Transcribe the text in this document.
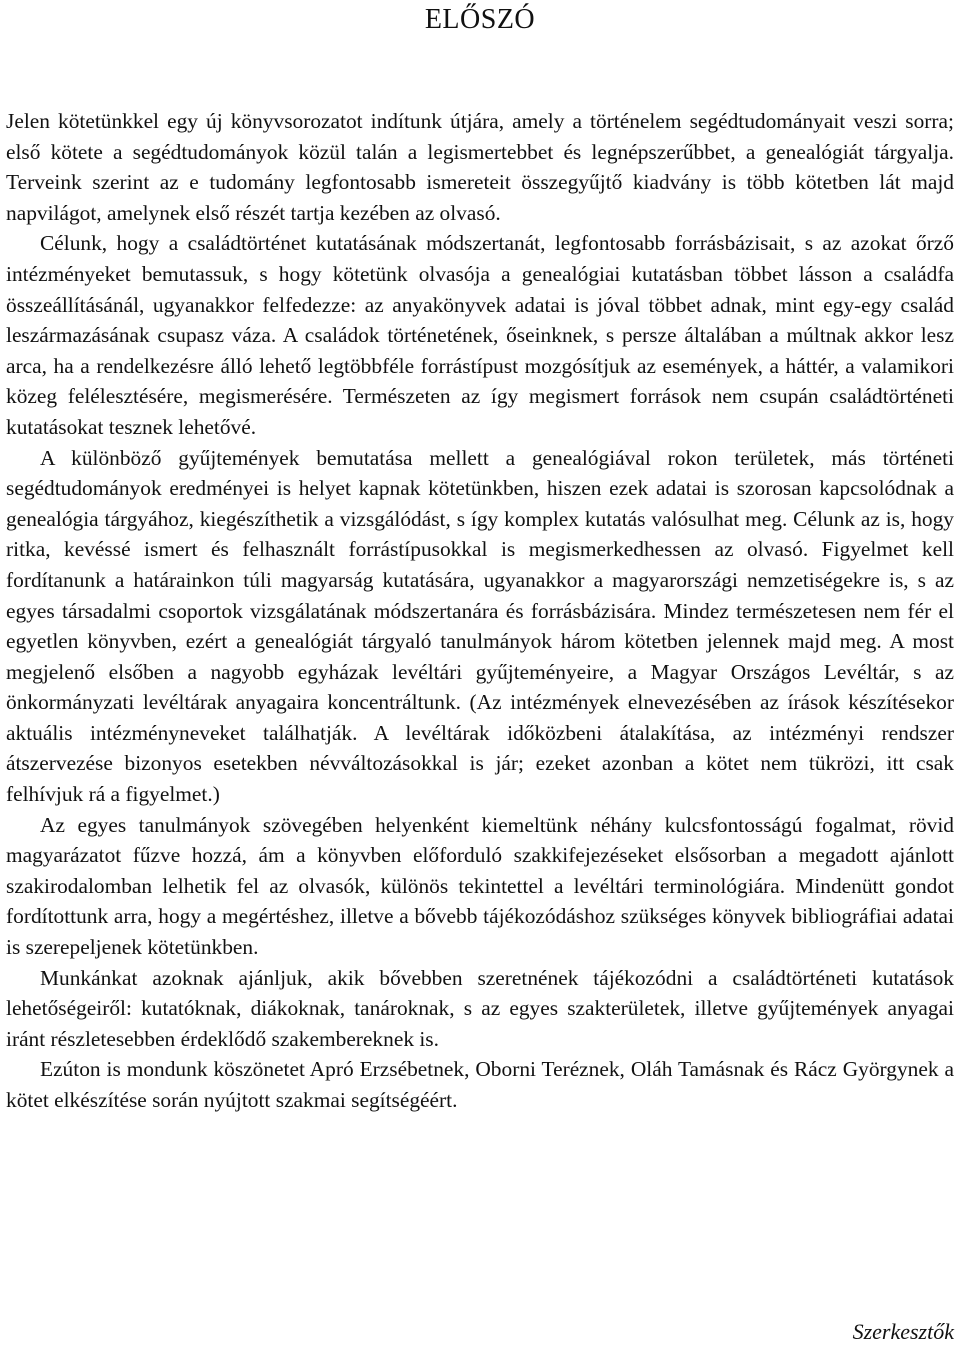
ELŐSZÓ

Jelen kötetünkkel egy új könyvsorozatot indítunk útjára, amely a történelem segédtudományait veszi sorra; első kötete a segédtudományok közül talán a legismertebbet és legnépszerűbbet, a genealógiát tárgyalja. Terveink szerint az e tudomány legfontosabb ismereteit összegyűjtő kiadvány is több kötetben lát majd napvilágot, amelynek első részét tartja kezében az olvasó.

Célunk, hogy a családtörténet kutatásának módszertanát, legfontosabb forrásbázisait, s az azokat őrző intézményeket bemutassuk, s hogy kötetünk olvasója a genealógiai kutatásban többet lásson a családfa összeállításánál, ugyanakkor felfedezze: az anyakönyvek adatai is jóval többet adnak, mint egy-egy család leszármazásának csupasz váza. A családok történetének, őseinknek, s persze általában a múltnak akkor lesz arca, ha a rendelkezésre álló lehető legtöbbféle forrástípust mozgósítjuk az események, a háttér, a valamikori közeg felélesztésére, megismerésére. Természeten az így megismert források nem csupán családtörténeti kutatásokat tesznek lehetővé.

A különböző gyűjtemények bemutatása mellett a genealógiával rokon területek, más történeti segédtudományok eredményei is helyet kapnak kötetünkben, hiszen ezek adatai is szorosan kapcsolódnak a genealógia tárgyához, kiegészíthetik a vizsgálódást, s így komplex kutatás valósulhat meg. Célunk az is, hogy ritka, kevéssé ismert és felhasznált forrástípusokkal is megismerkedhessen az olvasó. Figyelmet kell fordítanunk a határainkon túli magyarság kutatására, ugyanakkor a magyarországi nemzetiségekre is, s az egyes társadalmi csoportok vizsgálatának módszertanára és forrásbázisára. Mindez természetesen nem fér el egyetlen könyvben, ezért a genealógiát tárgyaló tanulmányok három kötetben jelennek majd meg. A most megjelenő elsőben a nagyobb egyházak levéltári gyűjteményeire, a Magyar Országos Levéltár, s az önkormányzati levéltárak anyagaira koncentráltunk. (Az intézmények elnevezésében az írások készítésekor aktuális intézményneveket találhatják. A levéltárak időközbeni átalakítása, az intézményi rendszer átszervezése bizonyos esetekben névváltozásokkal is jár; ezeket azonban a kötet nem tükrözi, itt csak felhívjuk rá a figyelmet.)

Az egyes tanulmányok szövegében helyenként kiemeltünk néhány kulcsfontosságú fogalmat, rövid magyarázatot fűzve hozzá, ám a könyvben előforduló szakkifejezéseket elsősorban a megadott ajánlott szakirodalomban lelhetik fel az olvasók, különös tekintettel a levéltári terminológiára. Mindenütt gondot fordítottunk arra, hogy a megértéshez, illetve a bővebb tájékozódáshoz szükséges könyvek bibliográfiai adatai is szerepeljenek kötetünkben.

Munkánkat azoknak ajánljuk, akik bővebben szeretnének tájékozódni a családtörténeti kutatások lehetőségeiről: kutatóknak, diákoknak, tanároknak, s az egyes szakterületek, illetve gyűjtemények anyagai iránt részletesebben érdeklődő szakembereknek is.

Ezúton is mondunk köszönetet Apró Erzsébetnek, Oborni Teréznek, Oláh Tamásnak és Rácz Györgynek a kötet elkészítése során nyújtott szakmai segítségéért.

Szerkesztők
